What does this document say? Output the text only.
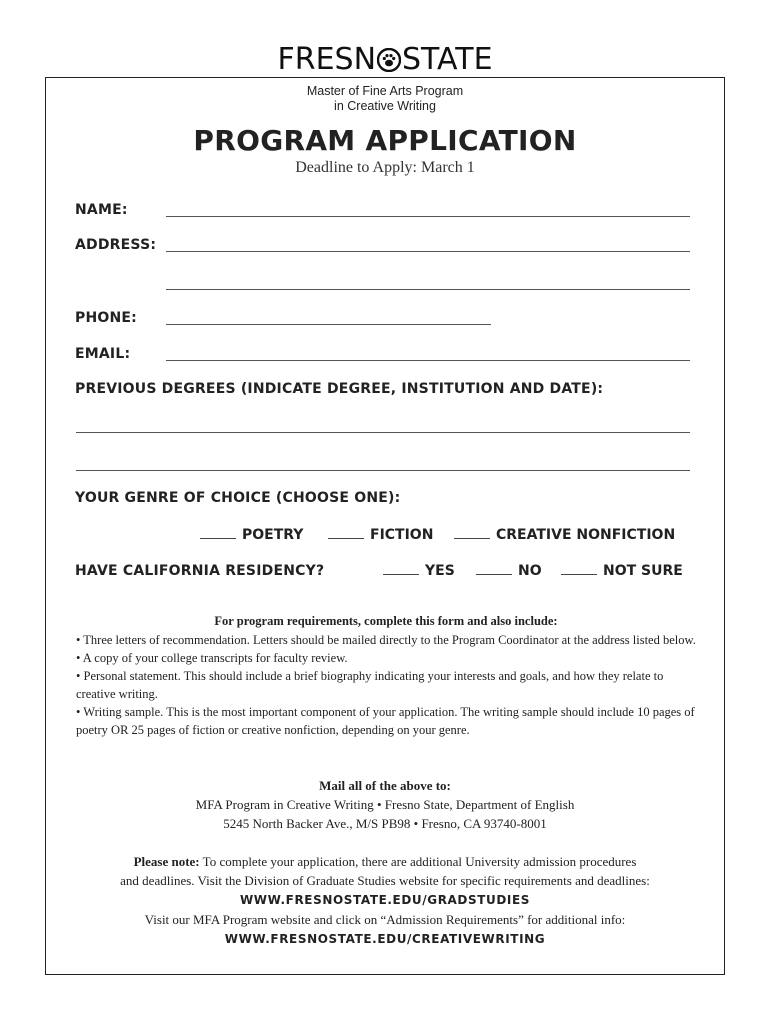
FRESN STATE
Master of Fine Arts Program
in Creative Writing
PROGRAM APPLICATION
Deadline to Apply: March 1
NAME:
ADDRESS:
PHONE:
EMAIL:
PREVIOUS DEGREES (INDICATE DEGREE, INSTITUTION AND DATE):
YOUR GENRE OF CHOICE (CHOOSE ONE):
POETRY	FICTION	CREATIVE NONFICTION
HAVE CALIFORNIA RESIDENCY?	YES	NO	NOT SURE
For program requirements, complete this form and also include:

• Three letters of recommendation. Letters should be mailed directly to the Program Coordinator at the address listed below.

• A copy of your college transcripts for faculty review.

• Personal statement. This should include a brief biography indicating your interests and goals, and how they relate to creative writing.

• Writing sample. This is the most important component of your application. The writing sample should include 10 pages of poetry OR 25 pages of fiction or creative nonfiction, depending on your genre.

Mail all of the above to:
MFA Program in Creative Writing • Fresno State, Department of English
5245 North Backer Ave., M/S PB98 • Fresno, CA 93740-8001
Please note: To complete your application, there are additional University admission procedures
and deadlines. Visit the Division of Graduate Studies website for specific requirements and deadlines:
WWW.FRESNOSTATE.EDU/GRADSTUDIES
Visit our MFA Program website and click on “Admission Requirements” for additional info:
WWW.FRESNOSTATE.EDU/CREATIVEWRITING
